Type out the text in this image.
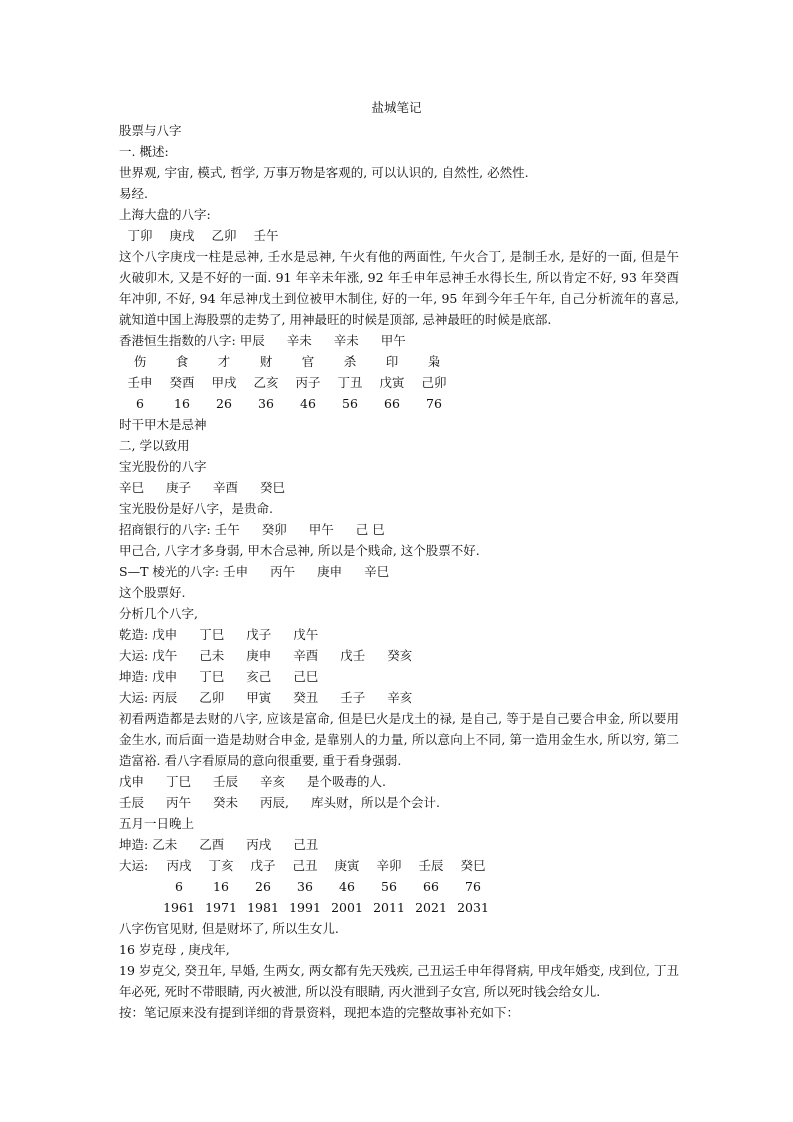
盐城笔记
股票与八字
一. 概述:
世界观, 宇宙, 模式, 哲学, 万事万物是客观的, 可以认识的, 自然性, 必然性.
易经.
上海大盘的八字:
丁卯	庚戌	乙卯	壬午
这个八字庚戌一柱是忌神, 壬水是忌神, 午火有他的两面性, 午火合丁, 是制壬水, 是好的一面, 但是午火破卯木, 又是不好的一面. 91 年辛未年涨, 92 年壬申年忌神壬水得长生, 所以肯定不好, 93 年癸酉年冲卯, 不好, 94 年忌神戊土到位被甲木制住, 好的一年, 95 年到今年壬午年, 自己分析流年的喜忌, 就知道中国上海股票的走势了, 用神最旺的时候是顶部, 忌神最旺的时候是底部.
香港恒生指数的八字: 甲辰 辛未 辛未 甲午
伤	食	才	财	官	杀	印	枭
壬申	癸酉	甲戌	乙亥	丙子	丁丑	戊寅	己卯
6	16	26	36	46	56	66	76
时干甲木是忌神
二, 学以致用
宝光股份的八字
辛巳 庚子 辛酉 癸巳
宝光股份是好八字，是贵命.
招商银行的八字: 壬午 癸卯 甲午 己 巳
甲己合, 八字才多身弱, 甲木合忌神, 所以是个贱命, 这个股票不好.
S—T 棱光的八字: 壬申 丙午 庚申 辛巳
这个股票好.
分析几个八字,
乾造: 戊申 丁巳 戊子 戊午
大运: 戊午 己未 庚申 辛酉 戊壬 癸亥
坤造: 戊申 丁巳 亥己 己巳
大运: 丙辰 乙卯 甲寅 癸丑 壬子 辛亥
初看两造都是去财的八字, 应该是富命, 但是巳火是戊土的禄, 是自己, 等于是自己要合申金, 所以要用金生水, 而后面一造是劫财合申金, 是靠别人的力量, 所以意向上不同, 第一造用金生水, 所以穷, 第二造富裕. 看八字看原局的意向很重要, 重于看身强弱.
戊申 丁巳 壬辰 辛亥 是个吸毒的人.
壬辰 丙午 癸未 丙辰, 库头财，所以是个会计.
五月一日晚上
坤造: 乙未 乙酉 丙戌 己丑
大运:	丙戌	丁亥	戊子	己丑	庚寅	辛卯	壬辰	癸巳
6	16	26	36	46	56	66	76
1961 1971 1981 1991 2001 2011 2021 2031
八字伤官见财, 但是财坏了, 所以生女儿.
16 岁克母 , 庚戌年,
19 岁克父, 癸丑年, 早婚, 生两女, 两女都有先天残疾, 己丑运壬申年得肾病, 甲戌年婚变, 戌到位, 丁丑年必死, 死时不带眼睛, 丙火被泄, 所以没有眼睛, 丙火泄到子女宫, 所以死时钱会给女儿.
按：笔记原来没有提到详细的背景资料，现把本造的完整故事补充如下：
